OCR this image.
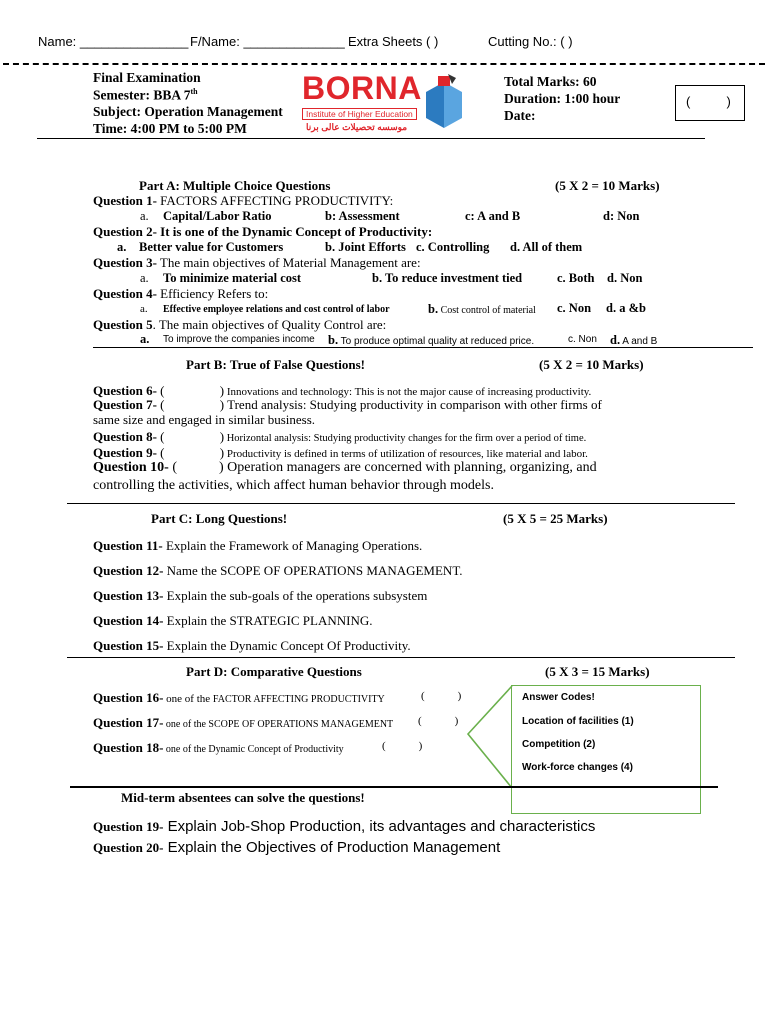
Name: _______________ F/Name: ______________ Extra Sheets ( )	Cutting No.: ( )
Final Examination
Semester: BBA 7th
Subject: Operation Management
Time: 4:00 PM to 5:00 PM
BORNA
Institute of Higher Education
موسسه تحصیلات عالی برنا
Total Marks: 60
Duration: 1:00 hour
Date:
(          )
Part A: Multiple Choice Questions	(5 X 2 = 10 Marks)
Question 1- FACTORS AFFECTING PRODUCTIVITY:
a. Capital/Labor Ratio	b: Assessment	c: A and B	d: Non
Question 2- It is one of the Dynamic Concept of Productivity:
a. Better value for Customers	b. Joint Efforts c. Controlling d. All of them
Question 3- The main objectives of Material Management are:
a. To minimize material cost	b. To reduce investment tied	c. Both d. Non
Question 4- Efficiency Refers to:
a. Effective employee relations and cost control of labor	b. Cost control of material c. Non d. a &b
Question 5. The main objectives of Quality Control are:
a. To improve the companies income b. To produce optimal quality at reduced price.	c. Non d. A and B
Part B: True of False Questions!	(5 X 2 = 10 Marks)
Question 6- (                 ) Innovations and technology: This is not the major cause of increasing productivity.
Question 7- (                 ) Trend analysis: Studying productivity in comparison with other firms of
same size and engaged in similar business.
Question 8- (                 ) Horizontal analysis: Studying productivity changes for the firm over a period of time.
Question 9- (                 ) Productivity is defined in terms of utilization of resources, like material and labor.
Question 10- (            ) Operation managers are concerned with planning, organizing, and
controlling the activities, which affect human behavior through models.
Part C: Long Questions!	(5 X 5 = 25 Marks)
Question 11- Explain the Framework of Managing Operations.
Question 12- Name the SCOPE OF OPERATIONS MANAGEMENT.
Question 13- Explain the sub-goals of the operations subsystem
Question 14- Explain the STRATEGIC PLANNING.
Question 15- Explain the Dynamic Concept Of Productivity.
Part D: Comparative Questions	(5 X 3 = 15 Marks)
Question 16- one of the FACTOR AFFECTING PRODUCTIVITY	(            )
Question 17- one of the SCOPE OF OPERATIONS MANAGEMENT (            )
Question 18- one of the Dynamic Concept of Productivity	(            )
Answer Codes!
Location of facilities (1)
Competition (2)
Work-force changes (4)
Mid-term absentees can solve the questions!
Question 19- Explain Job-Shop Production, its advantages and characteristics
Question 20- Explain the Objectives of Production Management
